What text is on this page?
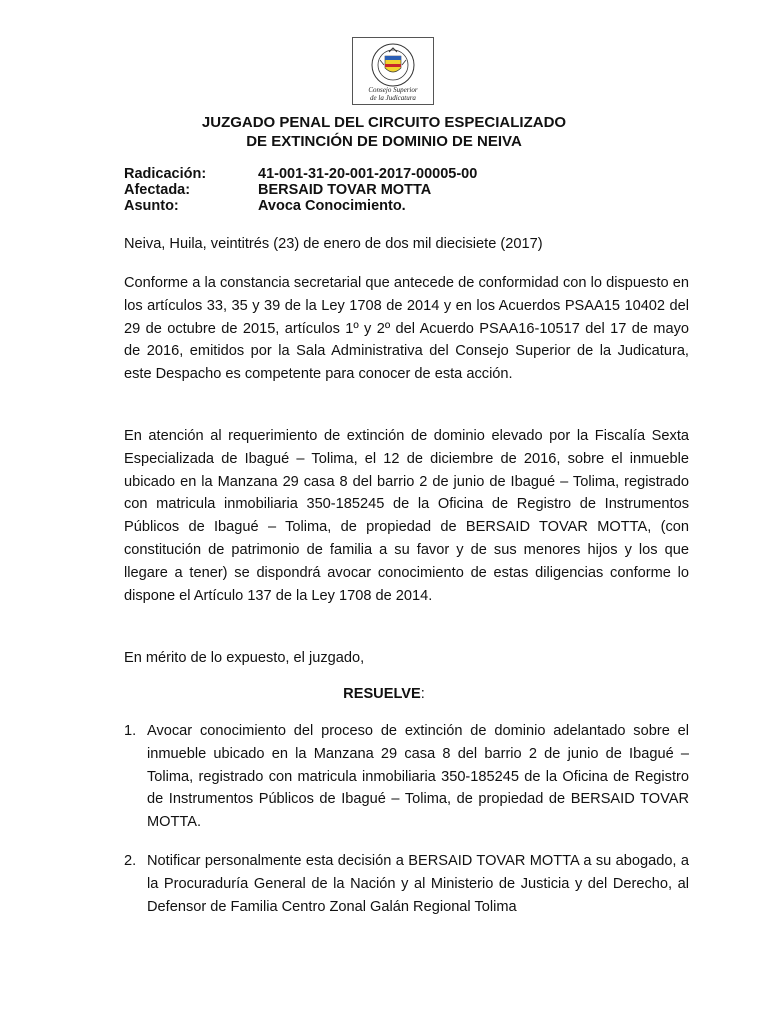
Consejo Superior
de la Judicatura
JUZGADO PENAL DEL CIRCUITO ESPECIALIZADO
DE EXTINCIÓN DE DOMINIO DE NEIVA
Radicación:	41-001-31-20-001-2017-00005-00
Afectada:	BERSAID TOVAR MOTTA
Asunto:	Avoca Conocimiento.
Neiva, Huila, veintitrés (23) de enero de dos mil diecisiete (2017)
Conforme a la constancia secretarial que antecede de conformidad con lo dispuesto en los artículos 33, 35 y 39 de la Ley 1708 de 2014 y en los Acuerdos PSAA15 10402 del 29 de octubre de 2015, artículos 1º y 2º del Acuerdo PSAA16-10517 del 17 de mayo de 2016, emitidos por la Sala Administrativa del Consejo Superior de la Judicatura, este Despacho es competente para conocer de esta acción.
En atención al requerimiento de extinción de dominio elevado por la Fiscalía Sexta Especializada de Ibagué – Tolima, el 12 de diciembre de 2016, sobre el inmueble ubicado en la Manzana 29 casa 8 del barrio 2 de junio de Ibagué – Tolima, registrado con matricula inmobiliaria 350-185245 de la Oficina de Registro de Instrumentos Públicos de Ibagué – Tolima, de propiedad de BERSAID TOVAR MOTTA, (con constitución de patrimonio de familia a su favor y de sus menores hijos y los que llegare a tener) se dispondrá avocar conocimiento de estas diligencias conforme lo dispone el Artículo 137 de la Ley 1708 de 2014.
En mérito de lo expuesto, el juzgado,
RESUELVE:
1. Avocar conocimiento del proceso de extinción de dominio adelantado sobre el inmueble ubicado en la Manzana 29 casa 8 del barrio 2 de junio de Ibagué – Tolima, registrado con matricula inmobiliaria 350-185245 de la Oficina de Registro de Instrumentos Públicos de Ibagué – Tolima, de propiedad de BERSAID TOVAR MOTTA.
2. Notificar personalmente esta decisión a BERSAID TOVAR MOTTA a su abogado, a la Procuraduría General de la Nación y al Ministerio de Justicia y del Derecho, al Defensor de Familia Centro Zonal Galán Regional Tolima
